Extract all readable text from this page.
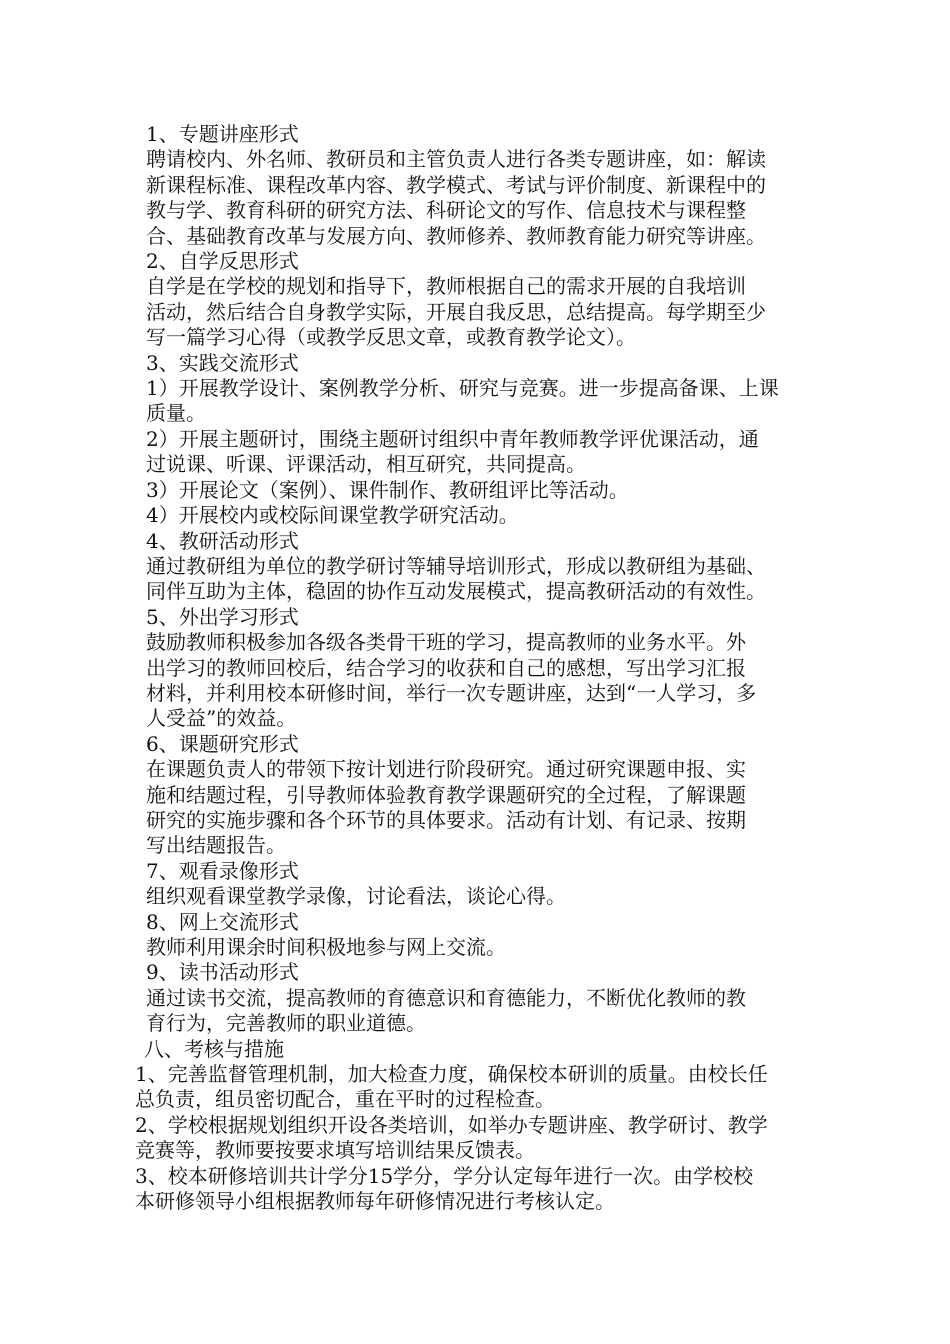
1、专题讲座形式
聘请校内、外名师、教研员和主管负责人进行各类专题讲座，如：解读
新课程标准、课程改革内容、教学模式、考试与评价制度、新课程中的
教与学、教育科研的研究方法、科研论文的写作、信息技术与课程整
合、基础教育改革与发展方向、教师修养、教师教育能力研究等讲座。
2、自学反思形式
自学是在学校的规划和指导下，教师根据自己的需求开展的自我培训
活动，然后结合自身教学实际，开展自我反思，总结提高。每学期至少
写一篇学习心得（或教学反思文章，或教育教学论文）。
3、实践交流形式
1）开展教学设计、案例教学分析、研究与竞赛。进一步提高备课、上课
质量。
2）开展主题研讨，围绕主题研讨组织中青年教师教学评优课活动，通
过说课、听课、评课活动，相互研究，共同提高。
3）开展论文（案例）、课件制作、教研组评比等活动。
4）开展校内或校际间课堂教学研究活动。
4、教研活动形式
通过教研组为单位的教学研讨等辅导培训形式，形成以教研组为基础、
同伴互助为主体，稳固的协作互动发展模式，提高教研活动的有效性。
5、外出学习形式
鼓励教师积极参加各级各类骨干班的学习，提高教师的业务水平。外
出学习的教师回校后，结合学习的收获和自己的感想，写出学习汇报
材料，并利用校本研修时间，举行一次专题讲座，达到“一人学习，多
人受益”的效益。
6、课题研究形式
在课题负责人的带领下按计划进行阶段研究。通过研究课题申报、实
施和结题过程，引导教师体验教育教学课题研究的全过程，了解课题
研究的实施步骤和各个环节的具体要求。活动有计划、有记录、按期
写出结题报告。
7、观看录像形式
组织观看课堂教学录像，讨论看法，谈论心得。
8、网上交流形式
教师利用课余时间积极地参与网上交流。
9、读书活动形式
通过读书交流，提高教师的育德意识和育德能力，不断优化教师的教
育行为，完善教师的职业道德。
八、考核与措施
1、完善监督管理机制，加大检查力度，确保校本研训的质量。由校长任
总负责，组员密切配合，重在平时的过程检查。
2、学校根据规划组织开设各类培训，如举办专题讲座、教学研讨、教学
竞赛等，教师要按要求填写培训结果反馈表。
3、校本研修培训共计学分15学分，学分认定每年进行一次。由学校校
本研修领导小组根据教师每年研修情况进行考核认定。
